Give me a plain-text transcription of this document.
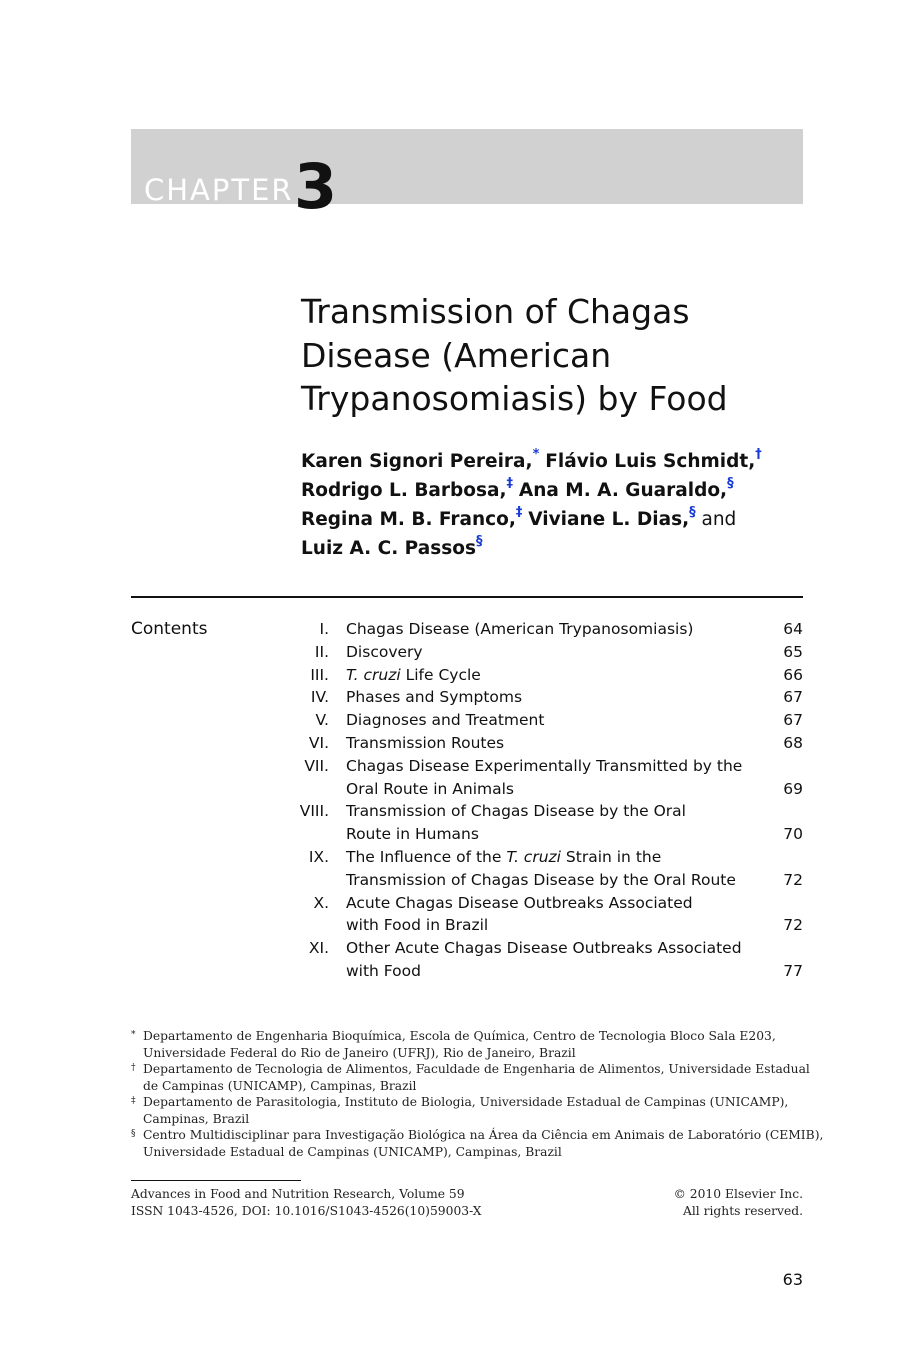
CHAPTER 3
Transmission of Chagas
Disease (American
Trypanosomiasis) by Food
Karen Signori Pereira,* Flávio Luis Schmidt,†
Rodrigo L. Barbosa,‡ Ana M. A. Guaraldo,§
Regina M. B. Franco,‡ Viviane L. Dias,§ and
Luiz A. C. Passos§
Contents	I. Chagas Disease (American Trypanosomiasis)	64
II. Discovery	65
III. T. cruzi Life Cycle	66
IV. Phases and Symptoms	67
V. Diagnoses and Treatment	67
VI. Transmission Routes	68
VII. Chagas Disease Experimentally Transmitted by the
Oral Route in Animals	69
VIII. Transmission of Chagas Disease by the Oral
Route in Humans	70
IX. The Influence of the T. cruzi Strain in the
Transmission of Chagas Disease by the Oral Route	72
X. Acute Chagas Disease Outbreaks Associated
with Food in Brazil	72
XI. Other Acute Chagas Disease Outbreaks Associated
with Food	77
* Departamento de Engenharia Bioquímica, Escola de Química, Centro de Tecnologia Bloco Sala E203,
Universidade Federal do Rio de Janeiro (UFRJ), Rio de Janeiro, Brazil
† Departamento de Tecnologia de Alimentos, Faculdade de Engenharia de Alimentos, Universidade Estadual
de Campinas (UNICAMP), Campinas, Brazil
‡ Departamento de Parasitologia, Instituto de Biologia, Universidade Estadual de Campinas (UNICAMP),
Campinas, Brazil
§ Centro Multidisciplinar para Investigação Biológica na Área da Ciência em Animais de Laboratório (CEMIB),
Universidade Estadual de Campinas (UNICAMP), Campinas, Brazil
Advances in Food and Nutrition Research, Volume 59
ISSN 1043-4526, DOI: 10.1016/S1043-4526(10)59003-X
© 2010 Elsevier Inc.
All rights reserved.
63
